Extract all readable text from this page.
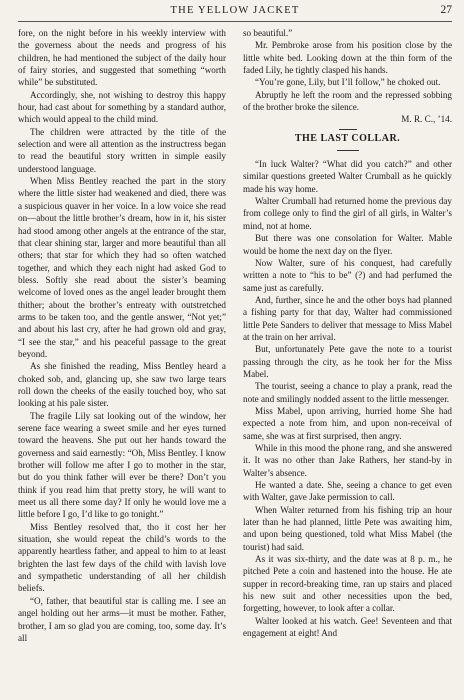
THE YELLOW JACKET	27

fore, on the night before in his weekly interview with the governess about the needs and progress of his children, he had mentioned the subject of the daily hour of fairy stories, and suggested that something “worth while” be substituted.

Accordingly, she, not wishing to destroy this happy hour, had cast about for something by a standard author, which would appeal to the child mind.

The children were attracted by the title of the selection and were all attention as the instructress began to read the beautiful story written in simple easily understood language.

When Miss Bentley reached the part in the story where the little sister had weakened and died, there was a suspicious quaver in her voice. In a low voice she read on—about the little brother’s dream, how in it, his sister had stood among other angels at the entrance of the star, that clear shining star, larger and more beautiful than all others; that star for which they had so often watched together, and which they each night had asked God to bless. Softly she read about the sister’s beaming welcome of loved ones as the angel leader brought them thither; about the brother’s entreaty with outstretched arms to be taken too, and the gentle answer, “Not yet;” and about his last cry, after he had grown old and gray, “I see the star,” and his peaceful passage to the great beyond.

As she finished the reading, Miss Bentley heard a choked sob, and, glancing up, she saw two large tears roll down the cheeks of the easily touched boy, who sat looking at his pale sister.

The fragile Lily sat looking out of the window, her serene face wearing a sweet smile and her eyes turned toward the heavens. She put out her hands toward the governess and said earnestly: “Oh, Miss Bentley. I know brother will follow me after I go to mother in the star, but do you think father will ever be there? Don’t you think if you read him that pretty story, he will want to meet us all there some day? If only he would love me a little before I go, I’d like to go tonight.”

Miss Bentley resolved that, tho it cost her her situation, she would repeat the child’s words to the apparently heartless father, and appeal to him to at least brighten the last few days of the child with lavish love and sympathetic understanding of all her childish beliefs.

“O, father, that beautiful star is calling me. I see an angel holding out her arms—it must be mother. Father, brother, I am so glad you are coming, too, some day. It’s all

so beautiful.”

Mr. Pembroke arose from his position close by the little white bed. Looking down at the thin form of the faded Lily, he tightly clasped his hands.

“You’re gone, Lily, but I’ll follow,” he choked out.

Abruptly he left the room and the repressed sobbing of the brother broke the silence.

M. R. C., ’14.

THE LAST COLLAR.

“In luck Walter? “What did you catch?” and other similar questions greeted Walter Crumball as he quickly made his way home.

Walter Crumball had returned home the previous day from college only to find the girl of all girls, in Walter’s mind, not at home.

But there was one consolation for Walter. Mable would be home the next day on the flyer.

Now Walter, sure of his conquest, had carefully written a note to “his to be” (?) and had perfumed the same just as carefully.

And, further, since he and the other boys had planned a fishing party for that day, Walter had commissioned little Pete Sanders to deliver that message to Miss Mabel at the train on her arrival.

But, unfortunately Pete gave the note to a tourist passing through the city, as he took her for the Miss Mabel.

The tourist, seeing a chance to play a prank, read the note and smilingly nodded assent to the little messenger.

Miss Mabel, upon arriving, hurried home She had expected a note from him, and upon non-receival of same, she was at first surprised, then angry.

While in this mood the phone rang, and she answered it. It was no other than Jake Rathers, her stand-by in Walter’s absence.

He wanted a date. She, seeing a chance to get even with Walter, gave Jake permission to call.

When Walter returned from his fishing trip an hour later than he had planned, little Pete was awaiting him, and upon being questioned, told what Miss Mabel (the tourist) had said.

As it was six-thirty, and the date was at 8 p. m., he pitched Pete a coin and hastened into the house. He ate supper in record-breaking time, ran up stairs and placed his new suit and other necessities upon the bed, forgetting, however, to look after a collar.

Walter looked at his watch. Gee! Seventeen and that engagement at eight! And
